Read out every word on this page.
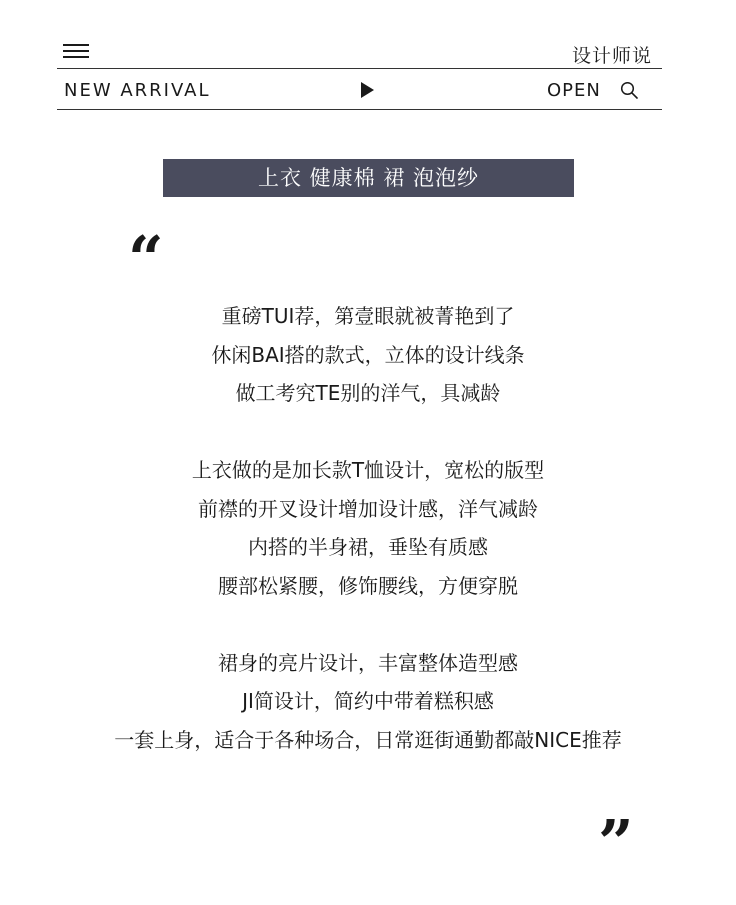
设计师说
NEW ARRIVAL	OPEN
上衣 健康棉 裙 泡泡纱
“
重磅TUI荐，第壹眼就被菁艳到了
休闲BAI搭的款式，立体的设计线条
做工考究TE别的洋气，具减龄
上衣做的是加长款T恤设计，宽松的版型
前襟的开叉设计增加设计感，洋气减龄
内搭的半身裙，垂坠有质感
腰部松紧腰，修饰腰线，方便穿脱
裙身的亮片设计，丰富整体造型感
JI简设计，简约中带着糕积感
一套上身，适合于各种场合，日常逛街通勤都敲NICE推荐
”
